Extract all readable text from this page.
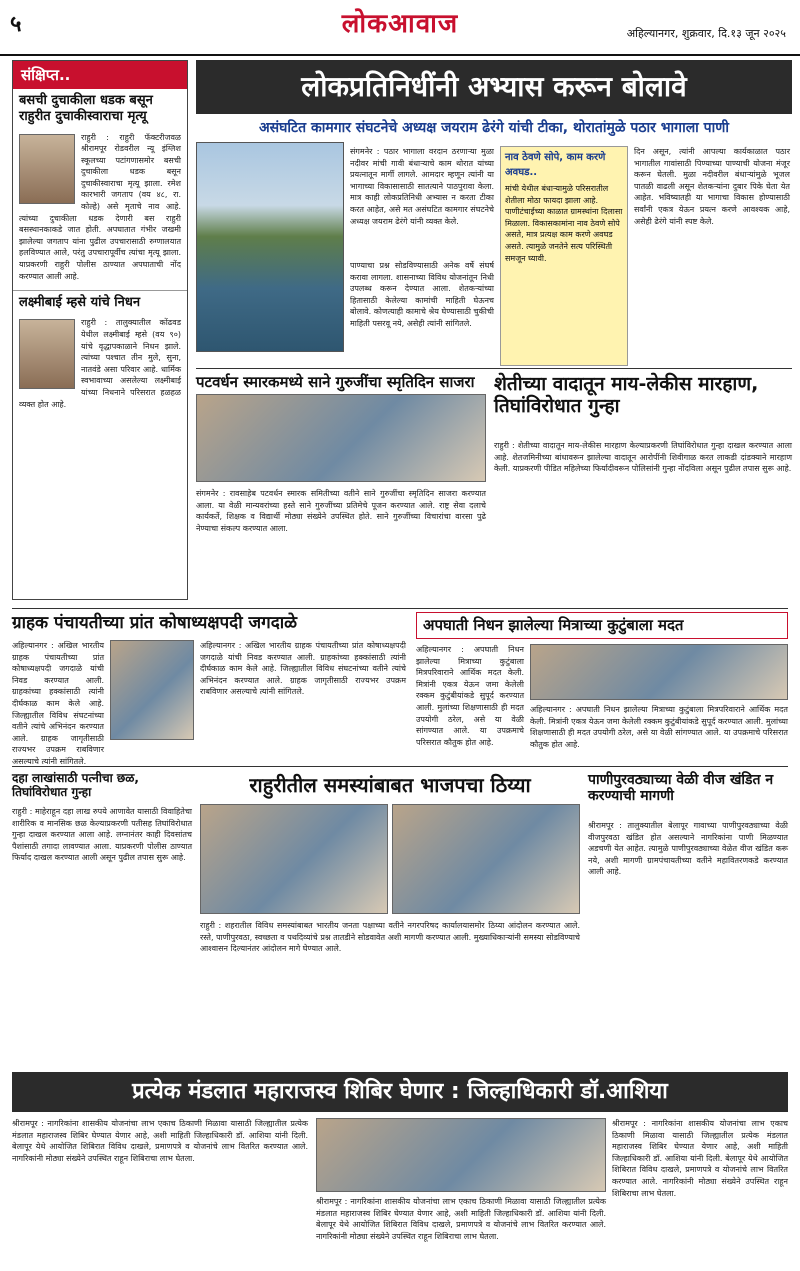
५	लोकआवाज	अहिल्यानगर, शुक्रवार, दि.१३ जून २०२५
संक्षिप्त..
बसची दुचाकीला धडक बसून राहुरीत दुचाकीस्वाराचा मृत्यू
राहुरी : राहुरी फॅक्टरीजवळ श्रीरामपूर रोडवरील न्यू इंग्लिश स्कूलच्या पटांगणासमोर बसची दुचाकीला धडक बसून दुचाकीस्वाराचा मृत्यू झाला. रमेश कारभारी जगताप (वय ४८, रा. कोल्हे) असे मृताचे नाव आहे. त्यांच्या दुचाकीला धडक देणारी बस राहुरी बसस्थानकाकडे जात होती. अपघातात गंभीर जखमी झालेल्या जगताप यांना पुढील उपचारासाठी रुग्णालयात हलविण्यात आले, परंतु उपचारापूर्वीच त्यांचा मृत्यू झाला. याप्रकरणी राहुरी पोलीस ठाण्यात अपघाताची नोंद करण्यात आली आहे.
लक्ष्मीबाई म्हसे यांचे निधन
राहुरी : तालुक्यातील कोंढवड येथील लक्ष्मीबाई म्हसे (वय ९०) यांचे वृद्धापकाळाने निधन झाले. त्यांच्या पश्चात तीन मुले, सुना, नातवंडे असा परिवार आहे. धार्मिक स्वभावाच्या असलेल्या लक्ष्मीबाई यांच्या निधनाने परिसरात हळहळ व्यक्त होत आहे.
लोकप्रतिनिधींनी अभ्यास करून बोलावे
असंघटित कामगार संघटनेचे अध्यक्ष जयराम ढेरंगे यांची टीका, थोरातांमुळे पठार भागाला पाणी
संगमनेर : पठार भागाला वरदान ठरणाऱ्या मुळा नदीवर मांची गावी बंधाऱ्याचे काम थोरात यांच्या प्रयत्नातून मार्गी लागले. आमदार म्हणून त्यांनी या भागाच्या विकासासाठी सातत्याने पाठपुरावा केला. मात्र काही लोकप्रतिनिधी अभ्यास न करता टीका करत आहेत, असे मत असंघटित कामगार संघटनेचे अध्यक्ष जयराम ढेरंगे यांनी व्यक्त केले.
पाण्याचा प्रश्न सोडविण्यासाठी अनेक वर्षे संघर्ष करावा लागला. शासनाच्या विविध योजनांतून निधी उपलब्ध करून देण्यात आला. शेतकऱ्यांच्या हितासाठी केलेल्या कामांची माहिती घेऊनच बोलावे. कोणत्याही कामाचे श्रेय घेण्यासाठी चुकीची माहिती पसरवू नये, असेही त्यांनी सांगितले.
नाव ठेवणे सोपे, काम करणे अवघड..
मांची येथील बंधाऱ्यामुळे परिसरातील शेतीला मोठा फायदा झाला आहे. पाणीटंचाईच्या काळात ग्रामस्थांना दिलासा मिळाला. विकासकामांना नाव ठेवणे सोपे असते, मात्र प्रत्यक्ष काम करणे अवघड असते. त्यामुळे जनतेने सत्य परिस्थिती समजून घ्यावी.
दिन असून, त्यांनी आपल्या कार्यकाळात पठार भागातील गावांसाठी पिण्याच्या पाण्याची योजना मंजूर करून घेतली. मुळा नदीवरील बंधाऱ्यांमुळे भूजल पातळी वाढली असून शेतकऱ्यांना दुबार पिके घेता येत आहेत. भविष्यातही या भागाचा विकास होण्यासाठी सर्वांनी एकत्र येऊन प्रयत्न करणे आवश्यक आहे, असेही ढेरंगे यांनी स्पष्ट केले.
पटवर्धन स्मारकमध्ये साने गुरुजींचा स्मृतिदिन साजरा
संगमनेर : रावसाहेब पटवर्धन स्मारक समितीच्या वतीने साने गुरुजींचा स्मृतिदिन साजरा करण्यात आला. या वेळी मान्यवरांच्या हस्ते साने गुरुजींच्या प्रतिमेचे पूजन करण्यात आले. राष्ट्र सेवा दलाचे कार्यकर्ते, शिक्षक व विद्यार्थी मोठ्या संख्येने उपस्थित होते. साने गुरुजींच्या विचारांचा वारसा पुढे नेण्याचा संकल्प करण्यात आला.
शेतीच्या वादातून माय-लेकीस मारहाण, तिघांविरोधात गुन्हा
राहुरी : शेतीच्या वादातून माय-लेकीस मारहाण केल्याप्रकरणी तिघांविरोधात गुन्हा दाखल करण्यात आला आहे. शेतजमिनीच्या बांधावरून झालेल्या वादातून आरोपींनी शिवीगाळ करत लाकडी दांडक्याने मारहाण केली. याप्रकरणी पीडित महिलेच्या फिर्यादीवरून पोलिसांनी गुन्हा नोंदविला असून पुढील तपास सुरू आहे.
ग्राहक पंचायतीच्या प्रांत कोषाध्यक्षपदी जगदाळे
अहिल्यानगर : अखिल भारतीय ग्राहक पंचायतीच्या प्रांत कोषाध्यक्षपदी जगदाळे यांची निवड करण्यात आली. ग्राहकांच्या हक्कांसाठी त्यांनी दीर्घकाळ काम केले आहे. जिल्ह्यातील विविध संघटनांच्या वतीने त्यांचे अभिनंदन करण्यात आले. ग्राहक जागृतीसाठी राज्यभर उपक्रम राबविणार असल्याचे त्यांनी सांगितले.
अहिल्यानगर : अखिल भारतीय ग्राहक पंचायतीच्या प्रांत कोषाध्यक्षपदी जगदाळे यांची निवड करण्यात आली. ग्राहकांच्या हक्कांसाठी त्यांनी दीर्घकाळ काम केले आहे. जिल्ह्यातील विविध संघटनांच्या वतीने त्यांचे अभिनंदन करण्यात आले. ग्राहक जागृतीसाठी राज्यभर उपक्रम राबविणार असल्याचे त्यांनी सांगितले.
अपघाती निधन झालेल्या मित्राच्या कुटुंबाला मदत
अहिल्यानगर : अपघाती निधन झालेल्या मित्राच्या कुटुंबाला मित्रपरिवाराने आर्थिक मदत केली. मित्रांनी एकत्र येऊन जमा केलेली रक्कम कुटुंबीयांकडे सुपूर्द करण्यात आली. मुलांच्या शिक्षणासाठी ही मदत उपयोगी ठरेल, असे या वेळी सांगण्यात आले. या उपक्रमाचे परिसरात कौतुक होत आहे.
अहिल्यानगर : अपघाती निधन झालेल्या मित्राच्या कुटुंबाला मित्रपरिवाराने आर्थिक मदत केली. मित्रांनी एकत्र येऊन जमा केलेली रक्कम कुटुंबीयांकडे सुपूर्द करण्यात आली. मुलांच्या शिक्षणासाठी ही मदत उपयोगी ठरेल, असे या वेळी सांगण्यात आले. या उपक्रमाचे परिसरात कौतुक होत आहे.
दहा लाखांसाठी पत्नीचा छळ, तिघांविरोधात गुन्हा
राहुरी : माहेराहून दहा लाख रुपये आणावेत यासाठी विवाहितेचा शारीरिक व मानसिक छळ केल्याप्रकरणी पतीसह तिघांविरोधात गुन्हा दाखल करण्यात आला आहे. लग्नानंतर काही दिवसांतच पैशांसाठी तगादा लावण्यात आला. याप्रकरणी पोलीस ठाण्यात फिर्याद दाखल करण्यात आली असून पुढील तपास सुरू आहे.
राहुरीतील समस्यांबाबत भाजपचा ठिय्या
राहुरी : शहरातील विविध समस्यांबाबत भारतीय जनता पक्षाच्या वतीने नगरपरिषद कार्यालयासमोर ठिय्या आंदोलन करण्यात आले. रस्ते, पाणीपुरवठा, स्वच्छता व पथदिव्यांचे प्रश्न तातडीने सोडवावेत अशी मागणी करण्यात आली. मुख्याधिकाऱ्यांनी समस्या सोडविण्याचे आश्वासन दिल्यानंतर आंदोलन मागे घेण्यात आले.
पाणीपुरवठ्याच्या वेळी वीज खंडित न करण्याची मागणी
श्रीरामपूर : तालुक्यातील बेलापूर गावाच्या पाणीपुरवठ्याच्या वेळी वीजपुरवठा खंडित होत असल्याने नागरिकांना पाणी मिळण्यात अडचणी येत आहेत. त्यामुळे पाणीपुरवठ्याच्या वेळेत वीज खंडित करू नये, अशी मागणी ग्रामपंचायतीच्या वतीने महावितरणकडे करण्यात आली आहे.
प्रत्येक मंडलात महाराजस्व शिबिर घेणार : जिल्हाधिकारी डॉ.आशिया
श्रीरामपूर : नागरिकांना शासकीय योजनांचा लाभ एकाच ठिकाणी मिळावा यासाठी जिल्ह्यातील प्रत्येक मंडलात महाराजस्व शिबिर घेण्यात येणार आहे, अशी माहिती जिल्हाधिकारी डॉ. आशिया यांनी दिली. बेलापूर येथे आयोजित शिबिरात विविध दाखले, प्रमाणपत्रे व योजनांचे लाभ वितरित करण्यात आले. नागरिकांनी मोठ्या संख्येने उपस्थित राहून शिबिराचा लाभ घेतला.
श्रीरामपूर : नागरिकांना शासकीय योजनांचा लाभ एकाच ठिकाणी मिळावा यासाठी जिल्ह्यातील प्रत्येक मंडलात महाराजस्व शिबिर घेण्यात येणार आहे, अशी माहिती जिल्हाधिकारी डॉ. आशिया यांनी दिली. बेलापूर येथे आयोजित शिबिरात विविध दाखले, प्रमाणपत्रे व योजनांचे लाभ वितरित करण्यात आले. नागरिकांनी मोठ्या संख्येने उपस्थित राहून शिबिराचा लाभ घेतला.
श्रीरामपूर : नागरिकांना शासकीय योजनांचा लाभ एकाच ठिकाणी मिळावा यासाठी जिल्ह्यातील प्रत्येक मंडलात महाराजस्व शिबिर घेण्यात येणार आहे, अशी माहिती जिल्हाधिकारी डॉ. आशिया यांनी दिली. बेलापूर येथे आयोजित शिबिरात विविध दाखले, प्रमाणपत्रे व योजनांचे लाभ वितरित करण्यात आले. नागरिकांनी मोठ्या संख्येने उपस्थित राहून शिबिराचा लाभ घेतला.
